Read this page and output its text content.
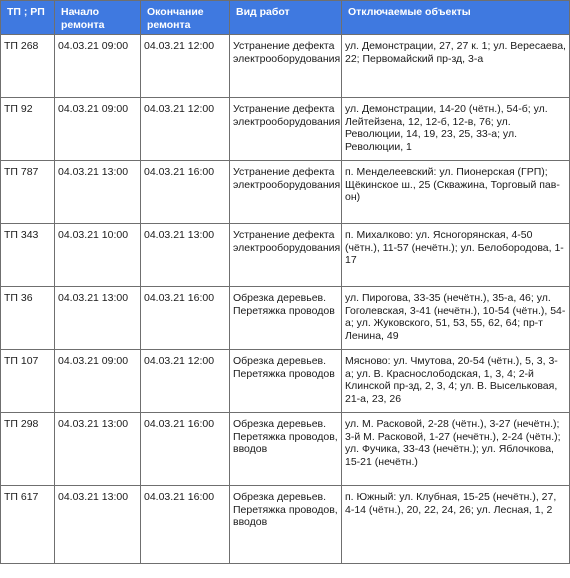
ТП ; РП	Начало ремонта	Окончание ремонта	Вид работ	Отключаемые объекты
ТП 268	04.03.21 09:00	04.03.21 12:00	Устранение дефекта электрооборудования	ул. Демонстрации, 27, 27 к. 1; ул. Вересаева, 22; Первомайский пр-зд, 3-а
ТП 92	04.03.21 09:00	04.03.21 12:00	Устранение дефекта электрооборудования	ул. Демонстрации, 14-20 (чётн.), 54-б; ул. Лейтейзена, 12, 12-б, 12-в, 76; ул. Революции, 14, 19, 23, 25, 33-а; ул. Революции, 1
ТП 787	04.03.21 13:00	04.03.21 16:00	Устранение дефекта электрооборудования	п. Менделеевский: ул. Пионерская (ГРП); Щёкинское ш., 25 (Скважина, Торговый пав-он)
ТП 343	04.03.21 10:00	04.03.21 13:00	Устранение дефекта электрооборудования	п. Михалково: ул. Ясногорянская, 4-50 (чётн.), 11-57 (нечётн.); ул. Белобородова, 1-17
ТП 36	04.03.21 13:00	04.03.21 16:00	Обрезка деревьев. Перетяжка проводов	ул. Пирогова, 33-35 (нечётн.), 35-а, 46; ул. Гоголевская, 3-41 (нечётн.), 10-54 (чётн.), 54-а; ул. Жуковского, 51, 53, 55, 62, 64; пр-т Ленина, 49
ТП 107	04.03.21 09:00	04.03.21 12:00	Обрезка деревьев. Перетяжка проводов	Мясново: ул. Чмутова, 20-54 (чётн.), 5, 3, 3-а; ул. В. Краснослободская, 1, 3, 4; 2-й Клинской пр-зд, 2, 3, 4; ул. В. Высельковая, 21-а, 23, 26
ТП 298	04.03.21 13:00	04.03.21 16:00	Обрезка деревьев. Перетяжка проводов, вводов	ул. М. Расковой, 2-28 (чётн.), 3-27 (нечётн.); 3-й М. Расковой, 1-27 (нечётн.), 2-24 (чётн.); ул. Фучика, 33-43 (нечётн.); ул. Яблочкова, 15-21 (нечётн.)
ТП 617	04.03.21 13:00	04.03.21 16:00	Обрезка деревьев. Перетяжка проводов, вводов	п. Южный: ул. Клубная, 15-25 (нечётн.), 27, 4-14 (чётн.), 20, 22, 24, 26; ул. Лесная, 1, 2
